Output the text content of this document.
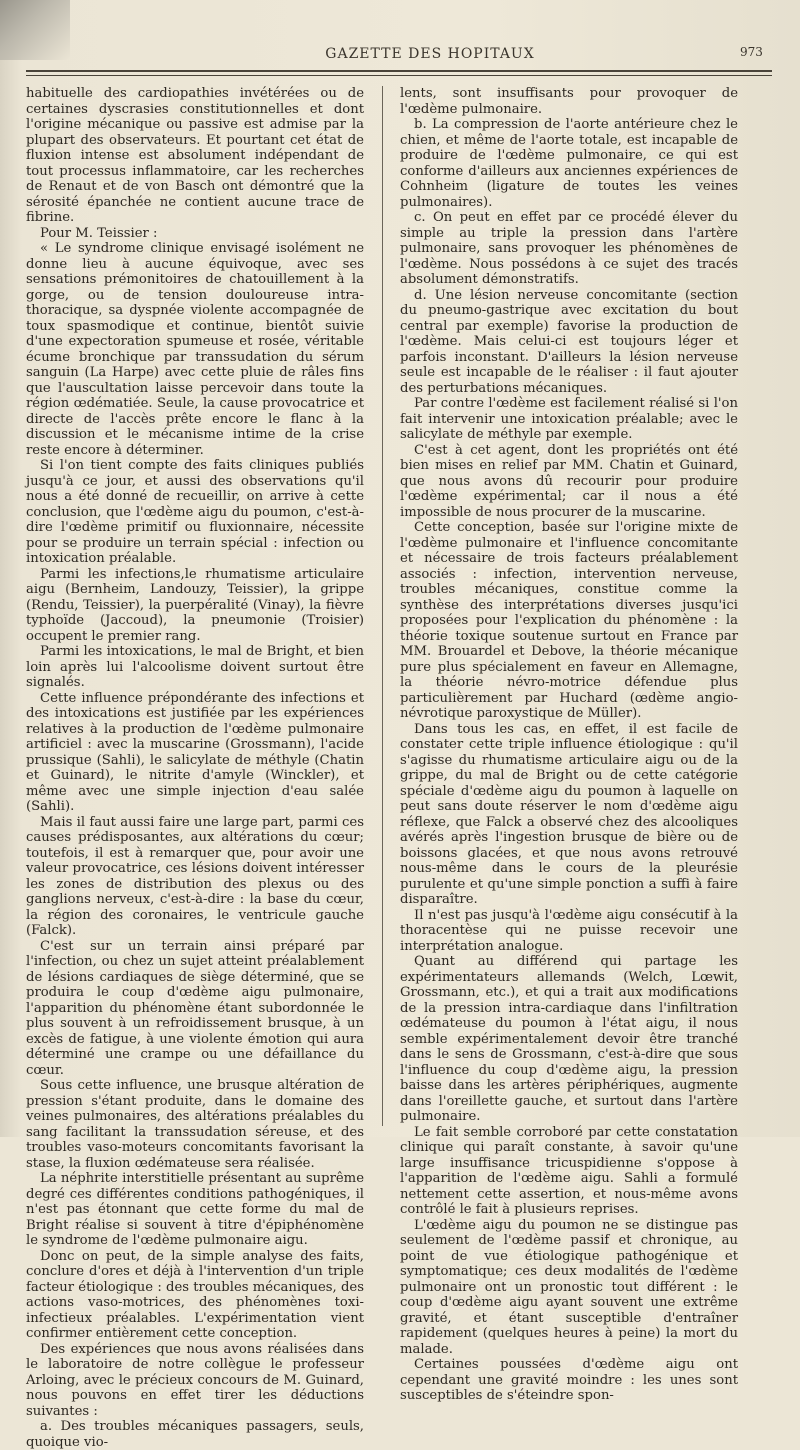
GAZETTE DES HOPITAUX	973

habituelle des cardiopathies invétérées ou de certaines dyscrasies constitutionnelles et dont l'origine mécanique ou passive est admise par la plupart des observateurs. Et pourtant cet état de fluxion intense est absolument indépendant de tout processus inflammatoire, car les recherches de Renaut et de von Basch ont démontré que la sérosité épanchée ne contient aucune trace de fibrine.

Pour M. Teissier :

« Le syndrome clinique envisagé isolément ne donne lieu à aucune équivoque, avec ses sensations prémonitoires de chatouillement à la gorge, ou de tension douloureuse intra-thoracique, sa dyspnée violente accompagnée de toux spasmodique et continue, bientôt suivie d'une expectoration spumeuse et rosée, véritable écume bronchique par transsudation du sérum sanguin (La Harpe) avec cette pluie de râles fins que l'auscultation laisse percevoir dans toute la région œdématiée. Seule, la cause provocatrice et directe de l'accès prête encore le flanc à la discussion et le mécanisme intime de la crise reste encore à déterminer.

Si l'on tient compte des faits cliniques publiés jusqu'à ce jour, et aussi des observations qu'il nous a été donné de recueillir, on arrive à cette conclusion, que l'œdème aigu du poumon, c'est-à-dire l'œdème primitif ou fluxionnaire, nécessite pour se produire un terrain spécial : infection ou intoxication préalable.

Parmi les infections,le rhumatisme articulaire aigu (Bernheim, Landouzy, Teissier), la grippe (Rendu, Teissier), la puerpéralité (Vinay), la fièvre typhoïde (Jaccoud), la pneumonie (Troisier) occupent le premier rang.

Parmi les intoxications, le mal de Bright, et bien loin après lui l'alcoolisme doivent surtout être signalés.

Cette influence prépondérante des infections et des intoxications est justifiée par les expériences relatives à la production de l'œdème pulmonaire artificiel : avec la muscarine (Grossmann), l'acide prussique (Sahli), le salicylate de méthyle (Chatin et Guinard), le nitrite d'amyle (Winckler), et même avec une simple injection d'eau salée (Sahli).

Mais il faut aussi faire une large part, parmi ces causes prédisposantes, aux altérations du cœur; toutefois, il est à remarquer que, pour avoir une valeur provocatrice, ces lésions doivent intéresser les zones de distribution des plexus ou des ganglions nerveux, c'est-à-dire : la base du cœur, la région des coronaires, le ventricule gauche (Falck).

C'est sur un terrain ainsi préparé par l'infection, ou chez un sujet atteint préalablement de lésions cardiaques de siège déterminé, que se produira le coup d'œdème aigu pulmonaire, l'apparition du phénomène étant subordonnée le plus souvent à un refroidissement brusque, à un excès de fatigue, à une violente émotion qui aura déterminé une crampe ou une défaillance du cœur.

Sous cette influence, une brusque altération de pression s'étant produite, dans le domaine des veines pulmonaires, des altérations préalables du sang facilitant la transsudation séreuse, et des troubles vaso-moteurs concomitants favorisant la stase, la fluxion œdémateuse sera réalisée.

La néphrite interstitielle présentant au suprême degré ces différentes conditions pathogéniques, il n'est pas étonnant que cette forme du mal de Bright réalise si souvent à titre d'épiphénomène le syndrome de l'œdème pulmonaire aigu.

Donc on peut, de la simple analyse des faits, conclure d'ores et déjà à l'intervention d'un triple facteur étiologique : des troubles mécaniques, des actions vaso-motrices, des phénomènes toxi-infectieux préalables. L'expérimentation vient confirmer entièrement cette conception.

Des expériences que nous avons réalisées dans le laboratoire de notre collègue le professeur Arloing, avec le précieux concours de M. Guinard, nous pouvons en effet tirer les déductions suivantes :

a. Des troubles mécaniques passagers, seuls, quoique vio-

lents, sont insuffisants pour provoquer de l'œdème pulmonaire.

b. La compression de l'aorte antérieure chez le chien, et même de l'aorte totale, est incapable de produire de l'œdème pulmonaire, ce qui est conforme d'ailleurs aux anciennes expériences de Cohnheim (ligature de toutes les veines pulmonaires).

c. On peut en effet par ce procédé élever du simple au triple la pression dans l'artère pulmonaire, sans provoquer les phénomènes de l'œdème. Nous possédons à ce sujet des tracés absolument démonstratifs.

d. Une lésion nerveuse concomitante (section du pneumo-gastrique avec excitation du bout central par exemple) favorise la production de l'œdème. Mais celui-ci est toujours léger et parfois inconstant. D'ailleurs la lésion nerveuse seule est incapable de le réaliser : il faut ajouter des perturbations mécaniques.

Par contre l'œdème est facilement réalisé si l'on fait intervenir une intoxication préalable; avec le salicylate de méthyle par exemple.

C'est à cet agent, dont les propriétés ont été bien mises en relief par MM. Chatin et Guinard, que nous avons dû recourir pour produire l'œdème expérimental; car il nous a été impossible de nous procurer de la muscarine.

Cette conception, basée sur l'origine mixte de l'œdème pulmonaire et l'influence concomitante et nécessaire de trois facteurs préalablement associés : infection, intervention nerveuse, troubles mécaniques, constitue comme la synthèse des interprétations diverses jusqu'ici proposées pour l'explication du phénomène : la théorie toxique soutenue surtout en France par MM. Brouardel et Debove, la théorie mécanique pure plus spécialement en faveur en Allemagne, la théorie névro-motrice défendue plus particulièrement par Huchard (œdème angio-névrotique paroxystique de Müller).

Dans tous les cas, en effet, il est facile de constater cette triple influence étiologique : qu'il s'agisse du rhumatisme articulaire aigu ou de la grippe, du mal de Bright ou de cette catégorie spéciale d'œdème aigu du poumon à laquelle on peut sans doute réserver le nom d'œdème aigu réflexe, que Falck a observé chez des alcooliques avérés après l'ingestion brusque de bière ou de boissons glacées, et que nous avons retrouvé nous-même dans le cours de la pleurésie purulente et qu'une simple ponction a suffi à faire disparaître.

Il n'est pas jusqu'à l'œdème aigu consécutif à la thoracentèse qui ne puisse recevoir une interprétation analogue.

Quant au différend qui partage les expérimentateurs allemands (Welch, Lœwit, Grossmann, etc.), et qui a trait aux modifications de la pression intra-cardiaque dans l'infiltration œdémateuse du poumon à l'état aigu, il nous semble expérimentalement devoir être tranché dans le sens de Grossmann, c'est-à-dire que sous l'influence du coup d'œdème aigu, la pression baisse dans les artères périphériques, augmente dans l'oreillette gauche, et surtout dans l'artère pulmonaire.

Le fait semble corroboré par cette constatation clinique qui paraît constante, à savoir qu'une large insuffisance tricuspidienne s'oppose à l'apparition de l'œdème aigu. Sahli a formulé nettement cette assertion, et nous-même avons contrôlé le fait à plusieurs reprises.

L'œdème aigu du poumon ne se distingue pas seulement de l'œdème passif et chronique, au point de vue étiologique pathogénique et symptomatique; ces deux modalités de l'œdème pulmonaire ont un pronostic tout différent : le coup d'œdème aigu ayant souvent une extrême gravité, et étant susceptible d'entraîner rapidement (quelques heures à peine) la mort du malade.

Certaines poussées d'œdème aigu ont cependant une gravité moindre : les unes sont susceptibles de s'éteindre spon-
